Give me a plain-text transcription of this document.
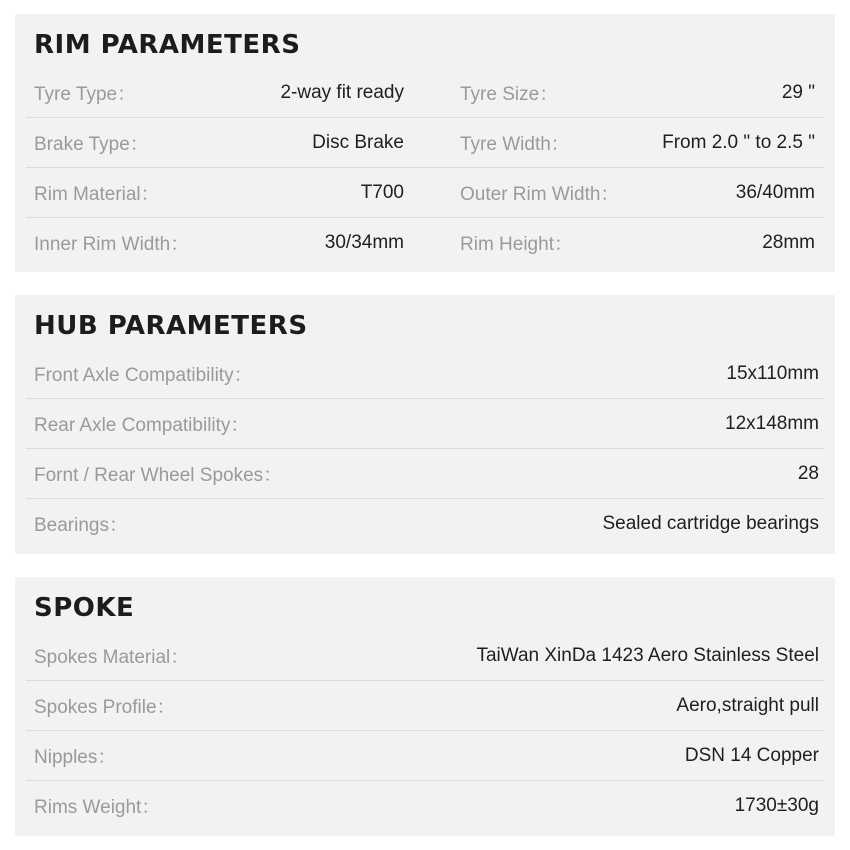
RIM PARAMETERS
Tyre Type：	2-way fit ready	Tyre Size：	29 "
Brake Type：	Disc Brake	Tyre Width：	From 2.0 " to 2.5 "
Rim Material：	T700	Outer Rim Width：	36/40mm
Inner Rim Width：	30/34mm	Rim Height：	28mm
HUB PARAMETERS
Front Axle Compatibility：	15x110mm
Rear Axle Compatibility：	12x148mm
Fornt / Rear Wheel Spokes：	28
Bearings：	Sealed cartridge bearings
SPOKE
Spokes Material：	TaiWan XinDa 1423 Aero Stainless Steel
Spokes Profile：	Aero,straight pull
Nipples：	DSN 14 Copper
Rims Weight：	1730±30g
